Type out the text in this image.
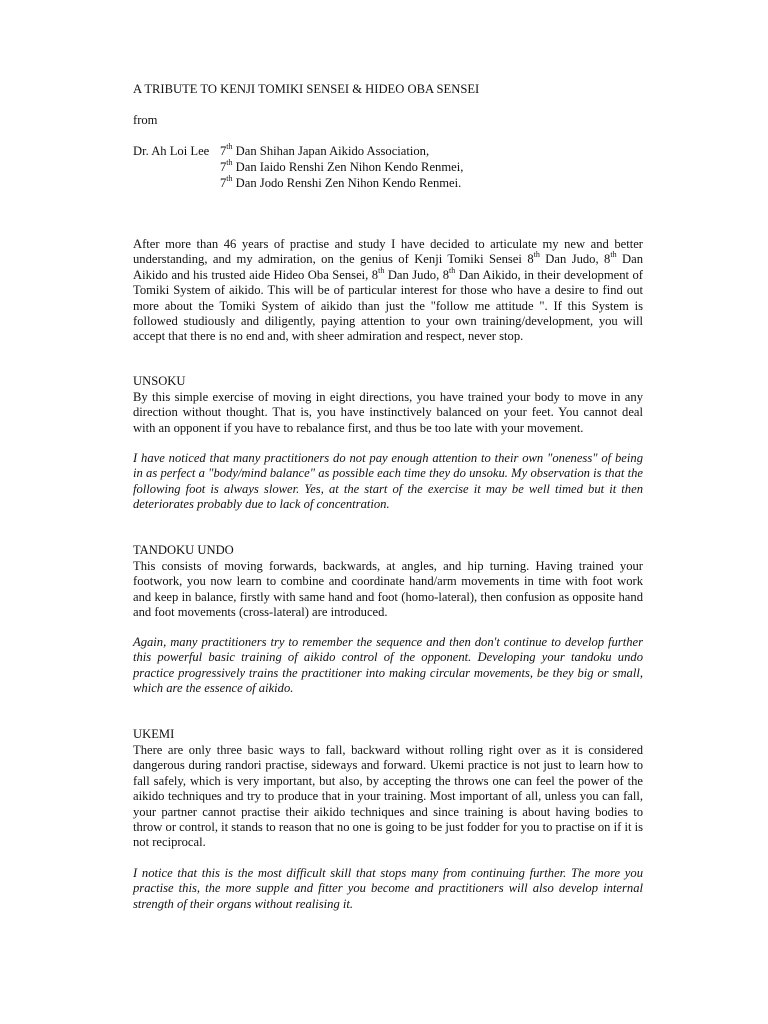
A TRIBUTE TO KENJI TOMIKI SENSEI & HIDEO OBA SENSEI
from
Dr. Ah Loi Lee 7th Dan Shihan Japan Aikido Association,
7th Dan Iaido Renshi Zen Nihon Kendo Renmei,
7th Dan Jodo Renshi Zen Nihon Kendo Renmei.
After more than 46 years of practise and study I have decided to articulate my new and better understanding, and my admiration, on the genius of Kenji Tomiki Sensei 8th Dan Judo, 8th Dan Aikido and his trusted aide Hideo Oba Sensei, 8th Dan Judo, 8th Dan Aikido, in their development of Tomiki System of aikido. This will be of particular interest for those who have a desire to find out more about the Tomiki System of aikido than just the "follow me attitude ". If this System is followed studiously and diligently, paying attention to your own training/development, you will accept that there is no end and, with sheer admiration and respect, never stop.
UNSOKU
By this simple exercise of moving in eight directions, you have trained your body to move in any direction without thought. That is, you have instinctively balanced on your feet. You cannot deal with an opponent if you have to rebalance first, and thus be too late with your movement.
I have noticed that many practitioners do not pay enough attention to their own "oneness" of being in as perfect a "body/mind balance" as possible each time they do unsoku. My observation is that the following foot is always slower. Yes, at the start of the exercise it may be well timed but it then deteriorates probably due to lack of concentration.
TANDOKU UNDO
This consists of moving forwards, backwards, at angles, and hip turning. Having trained your footwork, you now learn to combine and coordinate hand/arm movements in time with foot work and keep in balance, firstly with same hand and foot (homo-lateral), then confusion as opposite hand and foot movements (cross-lateral) are introduced.
Again, many practitioners try to remember the sequence and then don't continue to develop further this powerful basic training of aikido control of the opponent. Developing your tandoku undo practice progressively trains the practitioner into making circular movements, be they big or small, which are the essence of aikido.
UKEMI
There are only three basic ways to fall, backward without rolling right over as it is considered dangerous during randori practise, sideways and forward. Ukemi practice is not just to learn how to fall safely, which is very important, but also, by accepting the throws one can feel the power of the aikido techniques and try to produce that in your training. Most important of all, unless you can fall, your partner cannot practise their aikido techniques and since training is about having bodies to throw or control, it stands to reason that no one is going to be just fodder for you to practise on if it is not reciprocal.
I notice that this is the most difficult skill that stops many from continuing further. The more you practise this, the more supple and fitter you become and practitioners will also develop internal strength of their organs without realising it.
